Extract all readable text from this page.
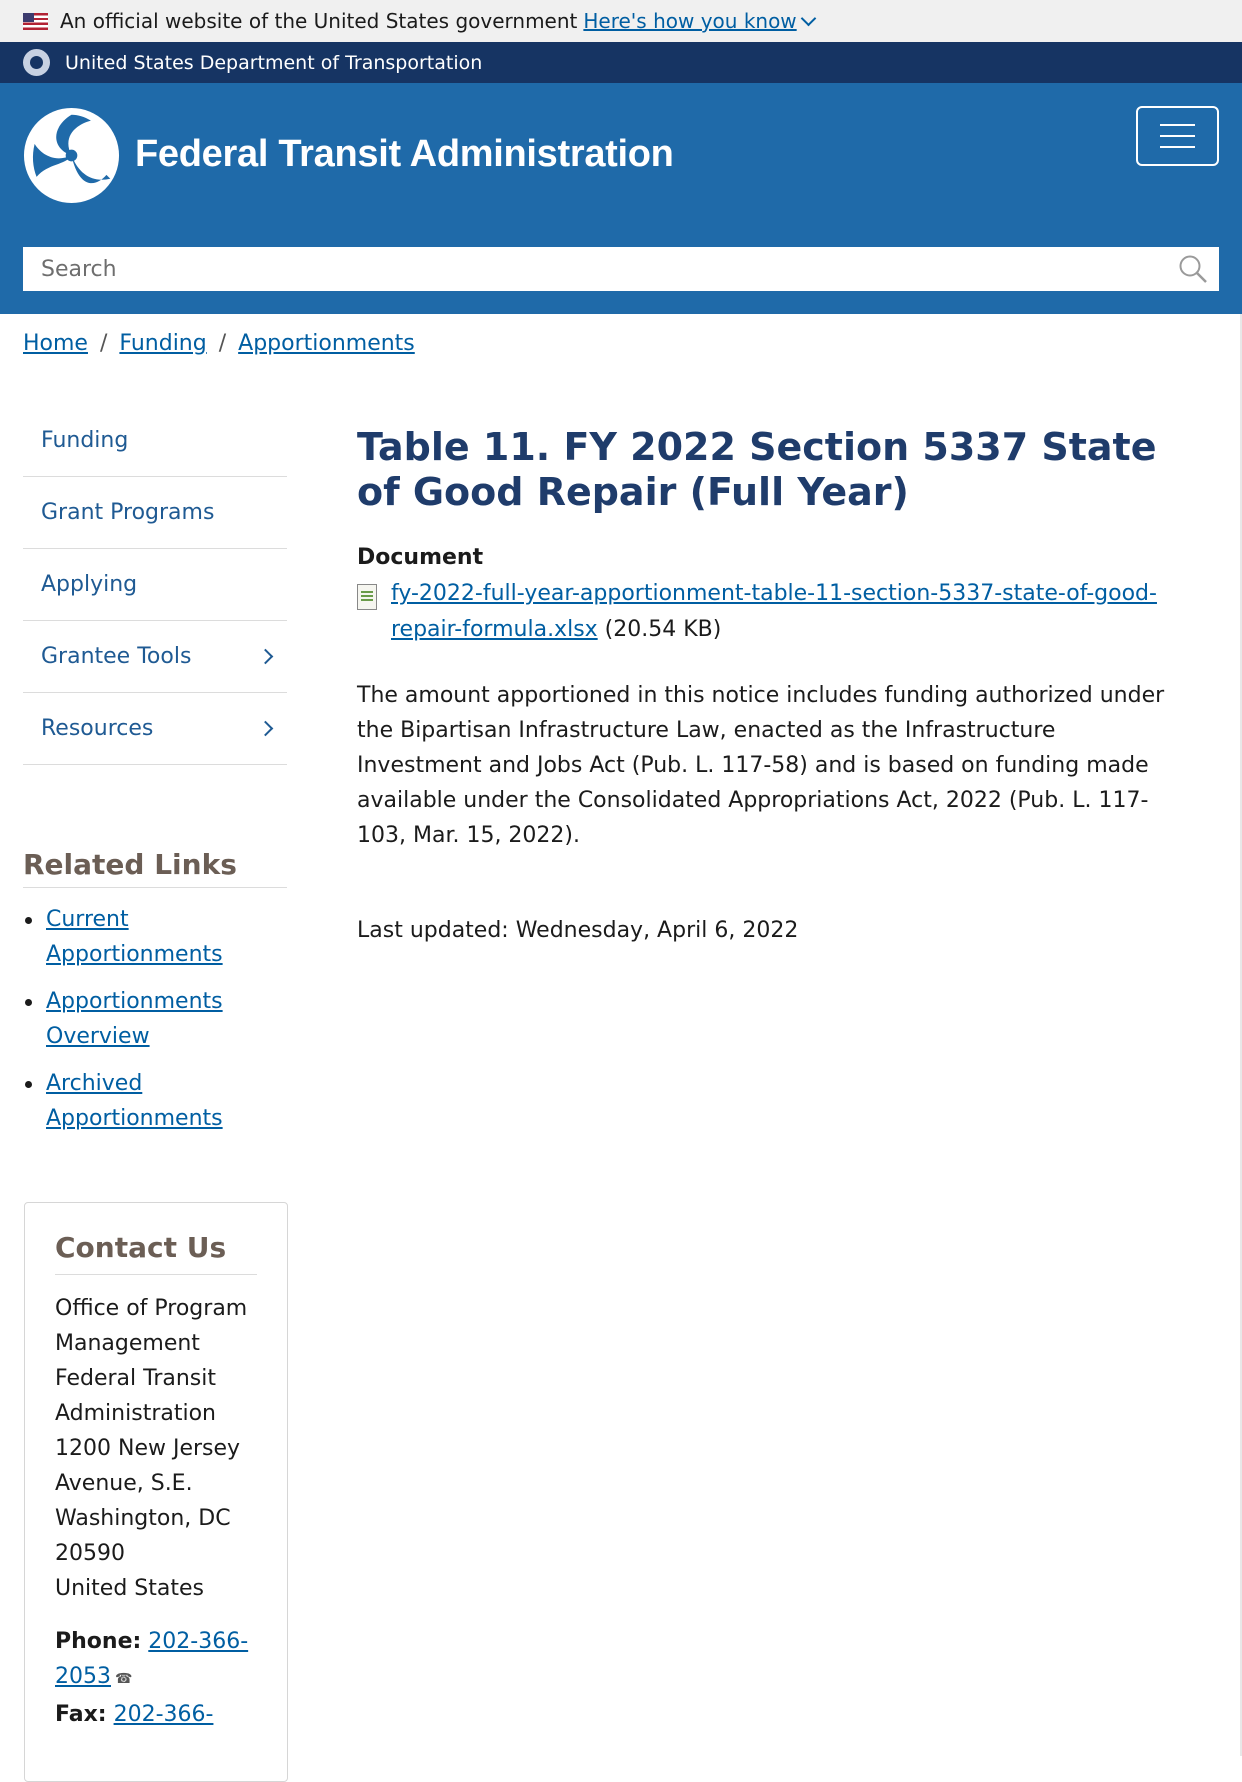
An official website of the United States government Here's how you know
United States Department of Transportation
Federal Transit Administration
Search
Home / Funding / Apportionments
Funding
Grant Programs
Applying
Grantee Tools
Resources
Related Links
Current
Apportionments
Apportionments
Overview
Archived
Apportionments
Contact Us
Office of Program
Management
Federal Transit
Administration
1200 New Jersey
Avenue, S.E.
Washington, DC
20590
United States
Phone: 202-366-
2053 ☎
Fax: 202-366-
Table 11. FY 2022 Section 5337 State of Good Repair (Full Year)
Document
fy-2022-full-year-apportionment-table-11-section-5337-state-of-good-
repair-formula.xlsx (20.54 KB)

The amount apportioned in this notice includes funding authorized under the Bipartisan Infrastructure Law, enacted as the Infrastructure Investment and Jobs Act (Pub. L. 117-58) and is based on funding made available under the Consolidated Appropriations Act, 2022 (Pub. L. 117-103, Mar. 15, 2022).

Last updated: Wednesday, April 6, 2022
